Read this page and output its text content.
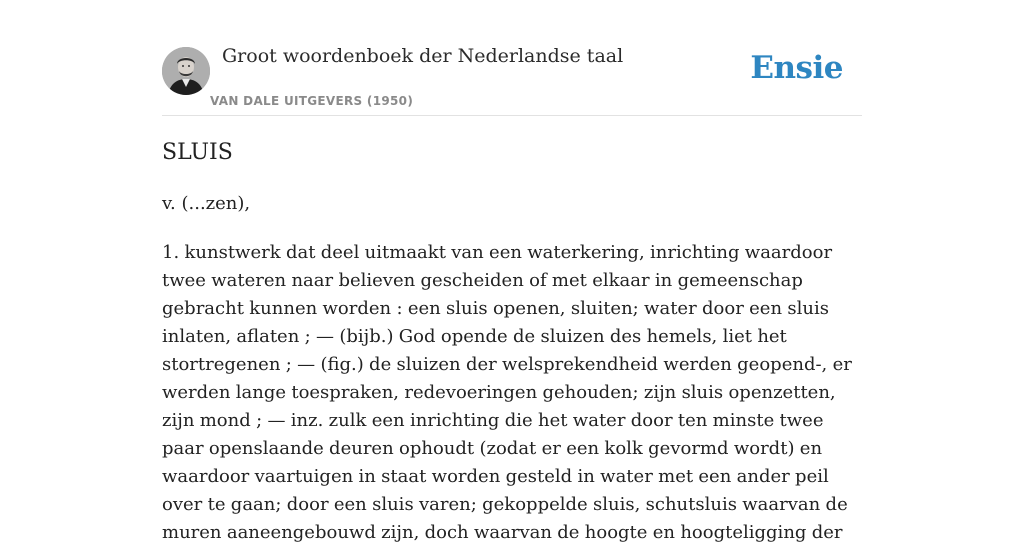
Groot woordenboek der Nederlandse taal
VAN DALE UITGEVERS (1950)
Ensie
SLUIS
v. (...zen),

1. kunstwerk dat deel uitmaakt van een waterkering, inrichting waardoor twee wateren naar believen gescheiden of met elkaar in gemeenschap gebracht kunnen worden : een sluis openen, sluiten; water door een sluis inlaten, aflaten ; — (bijb.) God opende de sluizen des hemels, liet het stortregenen ; — (fig.) de sluizen der welsprekendheid werden geopend-, er werden lange toespraken, redevoeringen gehouden; zijn sluis openzetten, zijn mond ; — inz. zulk een inrichting die het water door ten minste twee paar openslaande deuren ophoudt (zodat er een kolk gevormd wordt) en waardoor vaartuigen in staat worden gesteld in water met een ander peil over te gaan; door een sluis varen; gekoppelde sluis, schutsluis waarvan de muren aaneengebouwd zijn, doch waarvan de hoogte en hoogteligging der
